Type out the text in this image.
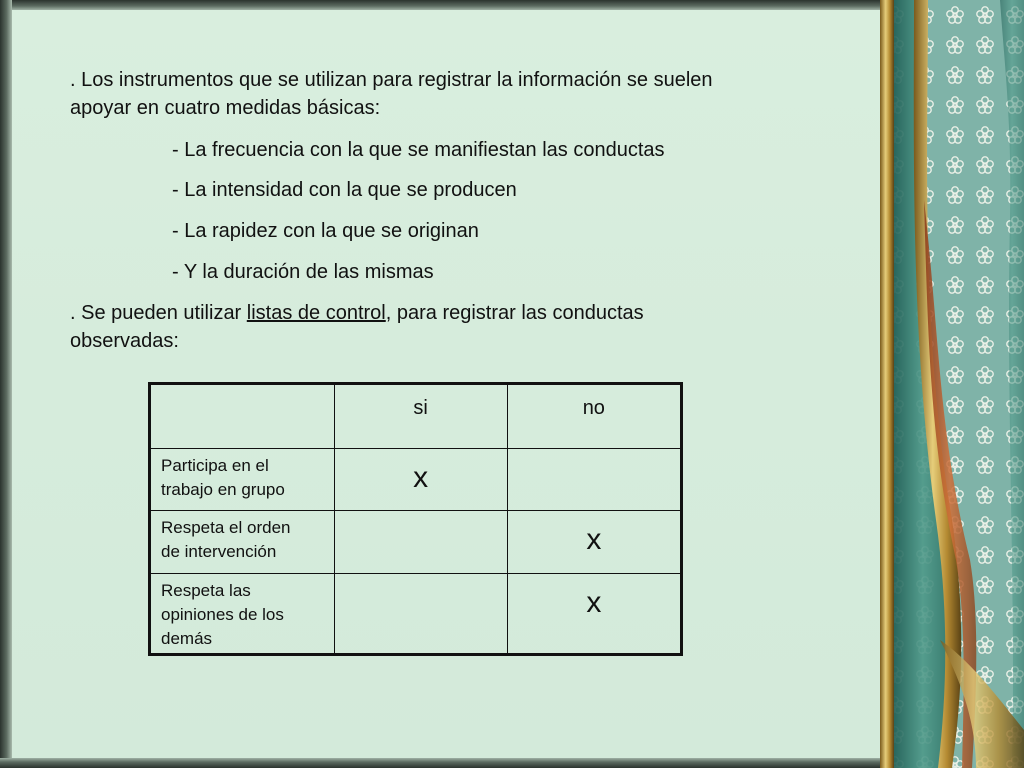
. Los instrumentos que se utilizan para registrar la información se suelen
apoyar en cuatro medidas básicas:
- La frecuencia con la que se manifiestan las conductas
- La intensidad con la que se producen
- La rapidez con la que se originan
- Y la duración de las mismas
. Se pueden utilizar listas de control, para registrar las conductas
observadas:
	si	no

Participa en el
trabajo en grupo	x	

Respeta el orden
de intervención		x

Respeta las
opiniones de los
demás		x
